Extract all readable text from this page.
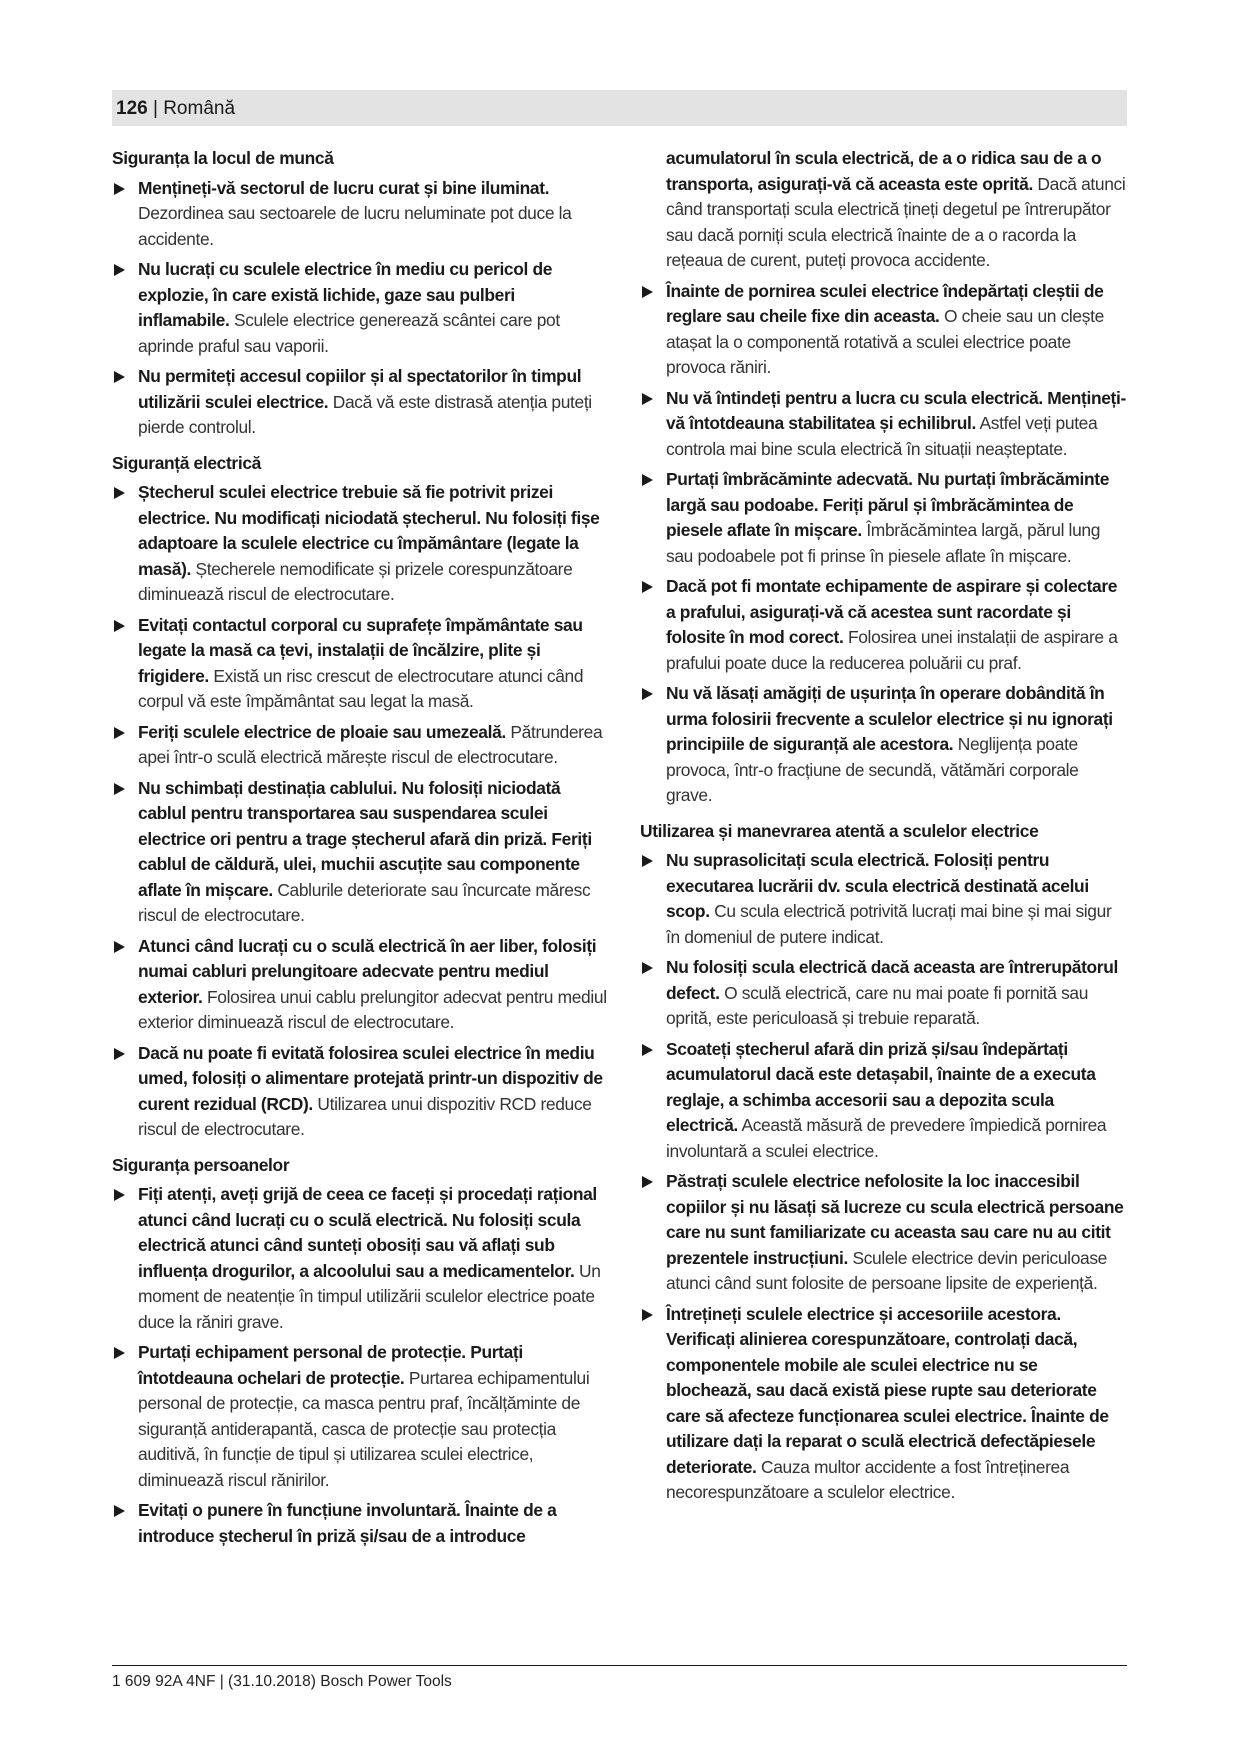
126 | Română
Siguranța la locul de muncă
Mențineți-vă sectorul de lucru curat și bine iluminat. Dezordinea sau sectoarele de lucru neluminate pot duce la accidente.
Nu lucrați cu sculele electrice în mediu cu pericol de explozie, în care există lichide, gaze sau pulberi inflamabile. Sculele electrice generează scântei care pot aprinde praful sau vaporii.
Nu permiteți accesul copiilor și al spectatorilor în timpul utilizării sculei electrice. Dacă vă este distrasă atenția puteți pierde controlul.
Siguranță electrică
Ștecherul sculei electrice trebuie să fie potrivit prizei electrice. Nu modificați niciodată ștecherul. Nu folosiți fișe adaptoare la sculele electrice cu împământare (legate la masă). Ștecherele nemodificate și prizele corespunzătoare diminuează riscul de electrocutare.
Evitați contactul corporal cu suprafețe împământate sau legate la masă ca țevi, instalații de încălzire, plite și frigidere. Există un risc crescut de electrocutare atunci când corpul vă este împământat sau legat la masă.
Feriți sculele electrice de ploaie sau umezeală. Pătrunderea apei într-o sculă electrică mărește riscul de electrocutare.
Nu schimbați destinația cablului. Nu folosiți niciodată cablul pentru transportarea sau suspendarea sculei electrice ori pentru a trage ștecherul afară din priză. Feriți cablul de căldură, ulei, muchii ascuțite sau componente aflate în mișcare. Cablurile deteriorate sau încurcate măresc riscul de electrocutare.
Atunci când lucrați cu o sculă electrică în aer liber, folosiți numai cabluri prelungitoare adecvate pentru mediul exterior. Folosirea unui cablu prelungitor adecvat pentru mediul exterior diminuează riscul de electrocutare.
Dacă nu poate fi evitată folosirea sculei electrice în mediu umed, folosiți o alimentare protejată printr-un dispozitiv de curent rezidual (RCD). Utilizarea unui dispozitiv RCD reduce riscul de electrocutare.
Siguranța persoanelor
Fiți atenți, aveți grijă de ceea ce faceți și procedați rațional atunci când lucrați cu o sculă electrică. Nu folosiți scula electrică atunci când sunteți obosiți sau vă aflați sub influența drogurilor, a alcoolului sau a medicamentelor. Un moment de neatenție în timpul utilizării sculelor electrice poate duce la răniri grave.
Purtați echipament personal de protecție. Purtați întotdeauna ochelari de protecție. Purtarea echipamentului personal de protecție, ca masca pentru praf, încălțăminte de siguranță antiderapantă, casca de protecție sau protecția auditivă, în funcție de tipul și utilizarea sculei electrice, diminuează riscul rănirilor.
Evitați o punere în funcțiune involuntară. Înainte de a introduce ștecherul în priză și/sau de a introduce
acumulatorul în scula electrică, de a o ridica sau de a o transporta, asigurați-vă că aceasta este oprită. Dacă atunci când transportați scula electrică țineți degetul pe întrerupător sau dacă porniți scula electrică înainte de a o racorda la rețeaua de curent, puteți provoca accidente.
Înainte de pornirea sculei electrice îndepărtați cleștii de reglare sau cheile fixe din aceasta. O cheie sau un clește atașat la o componentă rotativă a sculei electrice poate provoca răniri.
Nu vă întindeți pentru a lucra cu scula electrică. Mențineți-vă întotdeauna stabilitatea și echilibrul. Astfel veți putea controla mai bine scula electrică în situații neașteptate.
Purtați îmbrăcăminte adecvată. Nu purtați îmbrăcăminte largă sau podoabe. Feriți părul și îmbrăcămintea de piesele aflate în mișcare. Îmbrăcămintea largă, părul lung sau podoabele pot fi prinse în piesele aflate în mișcare.
Dacă pot fi montate echipamente de aspirare și colectare a prafului, asigurați-vă că acestea sunt racordate și folosite în mod corect. Folosirea unei instalații de aspirare a prafului poate duce la reducerea poluării cu praf.
Nu vă lăsați amăgiți de ușurința în operare dobândită în urma folosirii frecvente a sculelor electrice și nu ignorați principiile de siguranță ale acestora. Neglijența poate provoca, într-o fracțiune de secundă, vătămări corporale grave.
Utilizarea și manevrarea atentă a sculelor electrice
Nu suprasolicitați scula electrică. Folosiți pentru executarea lucrării dv. scula electrică destinată acelui scop. Cu scula electrică potrivită lucrați mai bine și mai sigur în domeniul de putere indicat.
Nu folosiți scula electrică dacă aceasta are întrerupătorul defect. O sculă electrică, care nu mai poate fi pornită sau oprită, este periculoasă și trebuie reparată.
Scoateți ștecherul afară din priză și/sau îndepărtați acumulatorul dacă este detașabil, înainte de a executa reglaje, a schimba accesorii sau a depozita scula electrică. Această măsură de prevedere împiedică pornirea involuntară a sculei electrice.
Păstrați sculele electrice nefolosite la loc inaccesibil copiilor și nu lăsați să lucreze cu scula electrică persoane care nu sunt familiarizate cu aceasta sau care nu au citit prezentele instrucțiuni. Sculele electrice devin periculoase atunci când sunt folosite de persoane lipsite de experiență.
Întrețineți sculele electrice și accesoriile acestora. Verificați alinierea corespunzătoare, controlați dacă, componentele mobile ale sculei electrice nu se blochează, sau dacă există piese rupte sau deteriorate care să afecteze funcționarea sculei electrice. Înainte de utilizare dați la reparat o sculă electrică defectăpiesele deteriorate. Cauza multor accidente a fost întreținerea necorespunzătoare a sculelor electrice.
1 609 92A 4NF | (31.10.2018) Bosch Power Tools
